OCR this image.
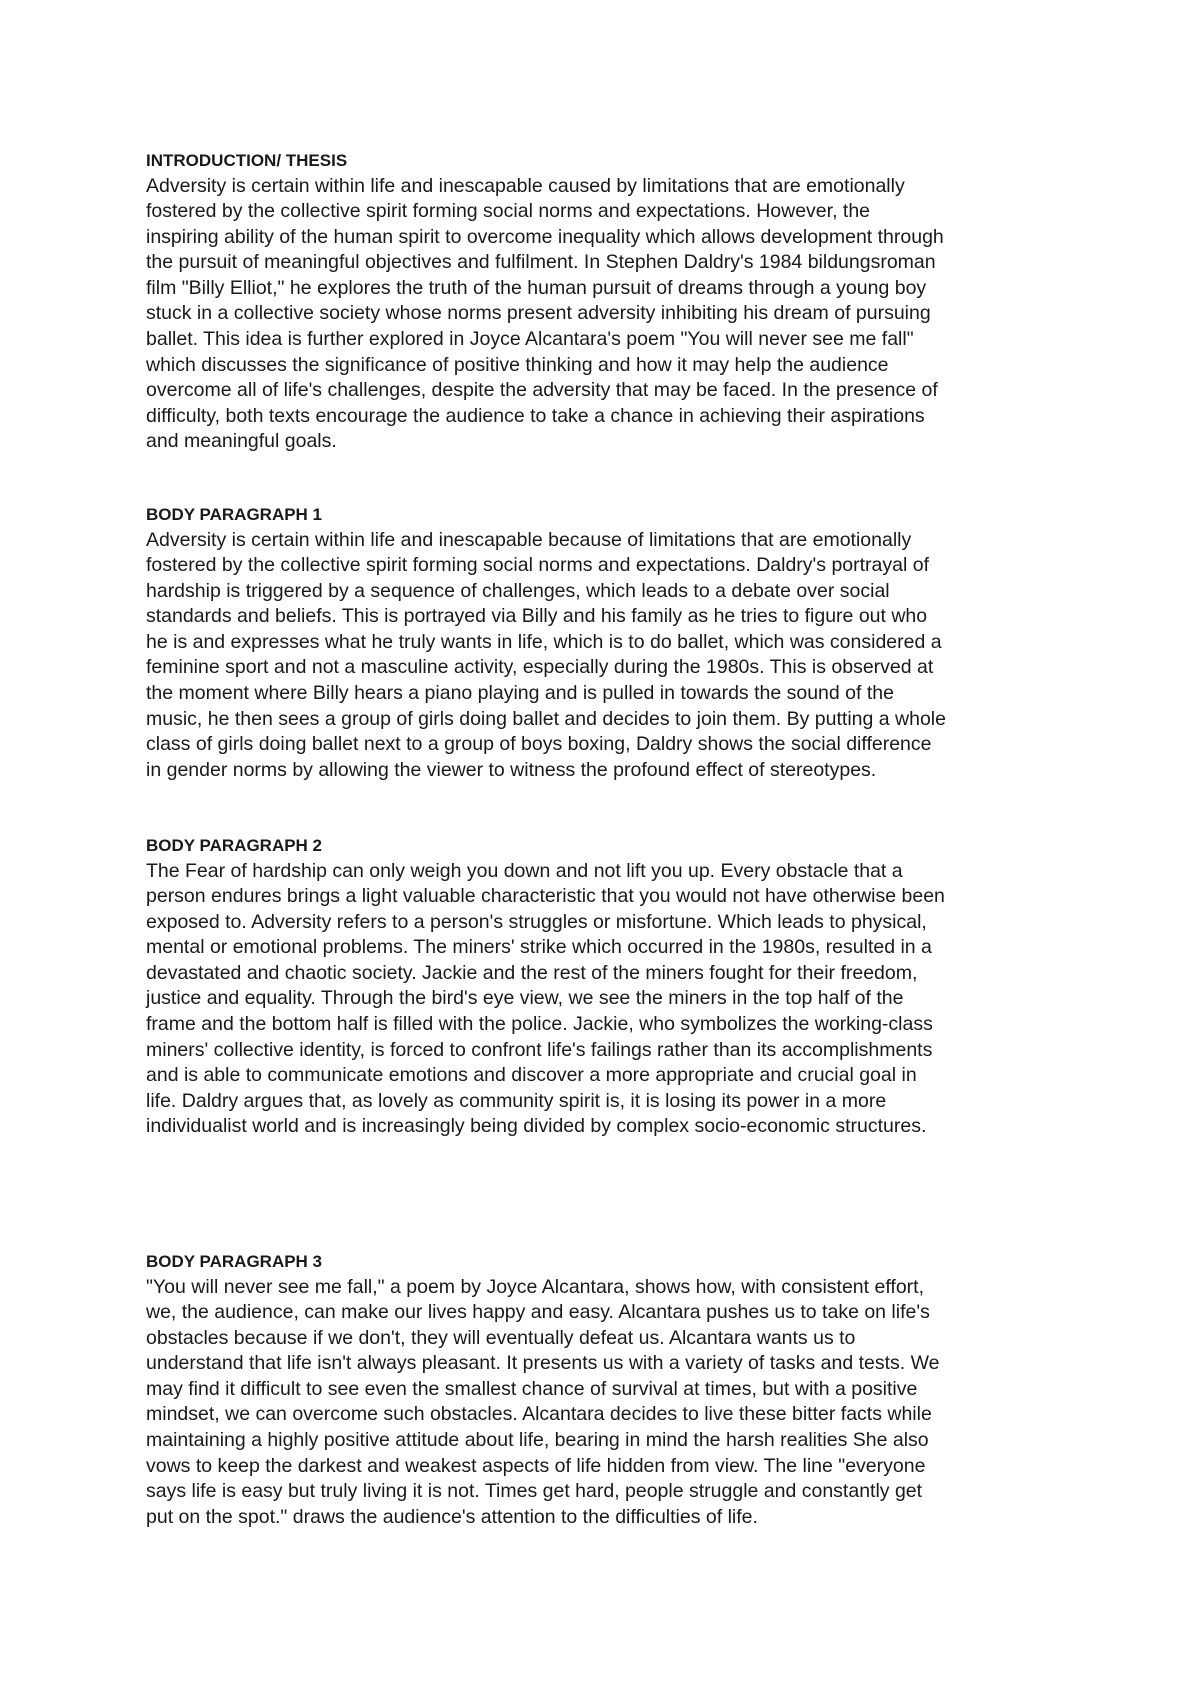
INTRODUCTION/ THESIS

Adversity is certain within life and inescapable caused by limitations that are emotionally
fostered by the collective spirit forming social norms and expectations. However, the
inspiring ability of the human spirit to overcome inequality which allows development through
the pursuit of meaningful objectives and fulfilment. In Stephen Daldry's 1984 bildungsroman
film "Billy Elliot," he explores the truth of the human pursuit of dreams through a young boy
stuck in a collective society whose norms present adversity inhibiting his dream of pursuing
ballet. This idea is further explored in Joyce Alcantara's poem "You will never see me fall"
which discusses the significance of positive thinking and how it may help the audience
overcome all of life's challenges, despite the adversity that may be faced. In the presence of
difficulty, both texts encourage the audience to take a chance in achieving their aspirations
and meaningful goals.

BODY PARAGRAPH 1

Adversity is certain within life and inescapable because of limitations that are emotionally
fostered by the collective spirit forming social norms and expectations. Daldry's portrayal of
hardship is triggered by a sequence of challenges, which leads to a debate over social
standards and beliefs. This is portrayed via Billy and his family as he tries to figure out who
he is and expresses what he truly wants in life, which is to do ballet, which was considered a
feminine sport and not a masculine activity, especially during the 1980s. This is observed at
the moment where Billy hears a piano playing and is pulled in towards the sound of the
music, he then sees a group of girls doing ballet and decides to join them. By putting a whole
class of girls doing ballet next to a group of boys boxing, Daldry shows the social difference
in gender norms by allowing the viewer to witness the profound effect of stereotypes.

BODY PARAGRAPH 2

The Fear of hardship can only weigh you down and not lift you up. Every obstacle that a
person endures brings a light valuable characteristic that you would not have otherwise been
exposed to. Adversity refers to a person's struggles or misfortune. Which leads to physical,
mental or emotional problems. The miners' strike which occurred in the 1980s, resulted in a
devastated and chaotic society. Jackie and the rest of the miners fought for their freedom,
justice and equality. Through the bird's eye view, we see the miners in the top half of the
frame and the bottom half is filled with the police. Jackie, who symbolizes the working-class
miners' collective identity, is forced to confront life's failings rather than its accomplishments
and is able to communicate emotions and discover a more appropriate and crucial goal in
life. Daldry argues that, as lovely as community spirit is, it is losing its power in a more
individualist world and is increasingly being divided by complex socio-economic structures.

BODY PARAGRAPH 3

"You will never see me fall," a poem by Joyce Alcantara, shows how, with consistent effort,
we, the audience, can make our lives happy and easy. Alcantara pushes us to take on life's
obstacles because if we don't, they will eventually defeat us. Alcantara wants us to
understand that life isn't always pleasant. It presents us with a variety of tasks and tests. We
may find it difficult to see even the smallest chance of survival at times, but with a positive
mindset, we can overcome such obstacles. Alcantara decides to live these bitter facts while
maintaining a highly positive attitude about life, bearing in mind the harsh realities She also
vows to keep the darkest and weakest aspects of life hidden from view. The line "everyone
says life is easy but truly living it is not. Times get hard, people struggle and constantly get
put on the spot." draws the audience's attention to the difficulties of life.
